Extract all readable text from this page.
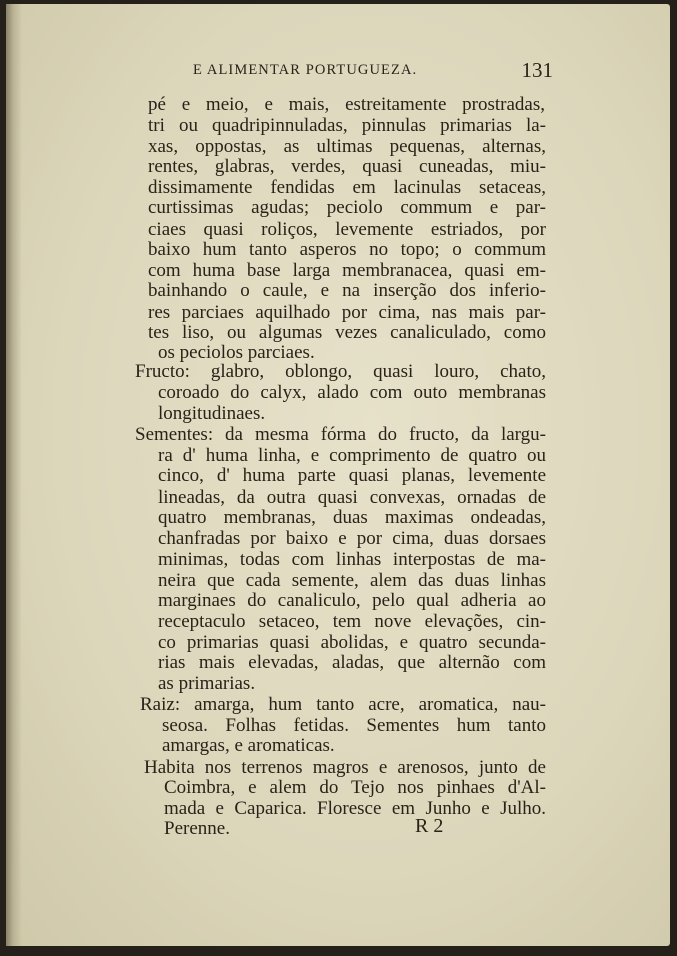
E ALIMENTAR PORTUGUEZA.	131
pé e meio, e mais, estreitamente prostradas,
tri ou quadripinnuladas, pinnulas primarias la-
xas, oppostas, as ultimas pequenas, alternas,
rentes, glabras, verdes, quasi cuneadas, miu-
dissimamente fendidas em lacinulas setaceas,
curtissimas agudas; peciolo commum e par-
ciaes quasi roliços, levemente estriados, por
baixo hum tanto asperos no topo; o commum
com huma base larga membranacea, quasi em-
bainhando o caule, e na inserção dos inferio-
res parciaes aquilhado por cima, nas mais par-
tes liso, ou algumas vezes canaliculado, como
os peciolos parciaes.
Fructo: glabro, oblongo, quasi louro, chato,
coroado do calyx, alado com outo membranas
longitudinaes.
Sementes: da mesma fórma do fructo, da largu-
ra d' huma linha, e comprimento de quatro ou
cinco, d' huma parte quasi planas, levemente
lineadas, da outra quasi convexas, ornadas de
quatro membranas, duas maximas ondeadas,
chanfradas por baixo e por cima, duas dorsaes
minimas, todas com linhas interpostas de ma-
neira que cada semente, alem das duas linhas
marginaes do canaliculo, pelo qual adheria ao
receptaculo setaceo, tem nove elevações, cin-
co primarias quasi abolidas, e quatro secunda-
rias mais elevadas, aladas, que alternão com
as primarias.
Raiz: amarga, hum tanto acre, aromatica, nau-
seosa. Folhas fetidas. Sementes hum tanto
amargas, e aromaticas.
Habita nos terrenos magros e arenosos, junto de
Coimbra, e alem do Tejo nos pinhaes d'Al-
mada e Caparica. Floresce em Junho e Julho.
Perenne.	R 2
